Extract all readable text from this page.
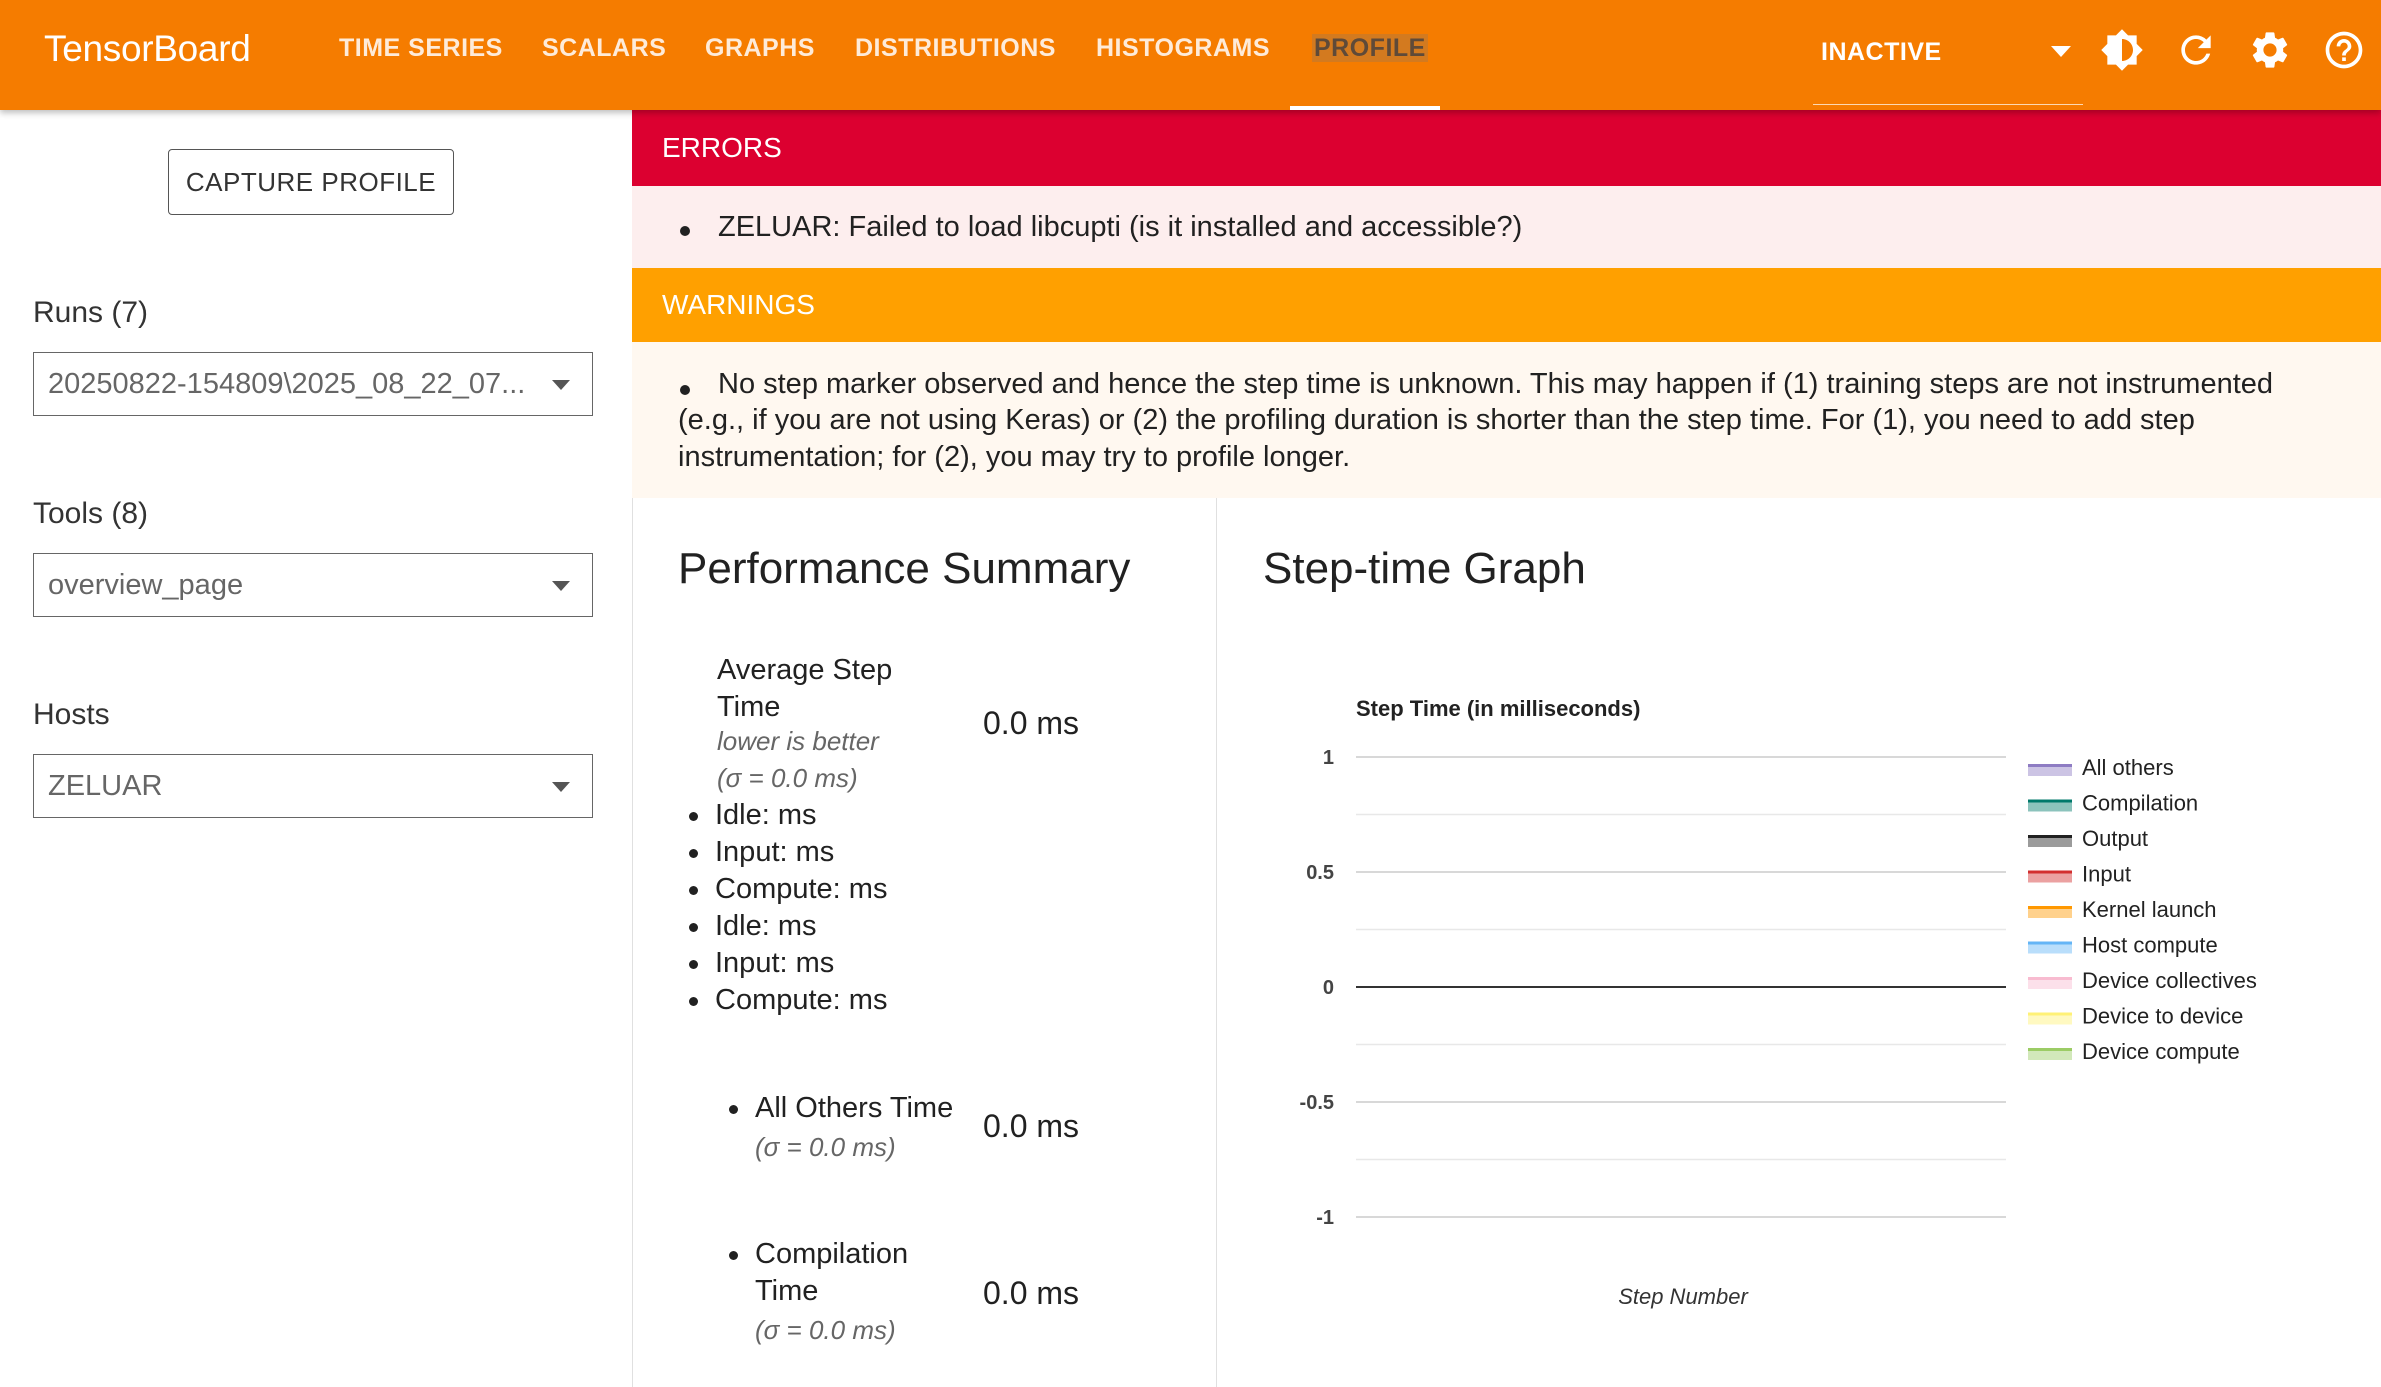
TensorBoard	TIME SERIES SCALARS GRAPHS DISTRIBUTIONS HISTOGRAMS PROFILE	INACTIVE
CAPTURE PROFILE
Runs (7)
20250822-154809\2025_08_22_07...
Tools (8)
overview_page
Hosts
ZELUAR
ERRORS
ZELUAR: Failed to load libcupti (is it installed and accessible?)
WARNINGS
No step marker observed and hence the step time is unknown. This may happen if (1) training steps are not instrumented
(e.g., if you are not using Keras) or (2) the profiling duration is shorter than the step time. For (1), you need to add step
instrumentation; for (2), you may try to profile longer.
Performance Summary
Average Step
Time
lower is better
(σ = 0.0 ms)
0.0 ms
Idle: ms
Input: ms
Compute: ms
Idle: ms
Input: ms
Compute: ms
All Others Time
(σ = 0.0 ms)
0.0 ms
Compilation
Time
(σ = 0.0 ms)
0.0 ms
Step-time Graph
Step Time (in milliseconds)
1
0.5
0
-0.5
-1
All others
Compilation
Output
Input
Kernel launch
Host compute
Device collectives
Device to device
Device compute
Step Number
